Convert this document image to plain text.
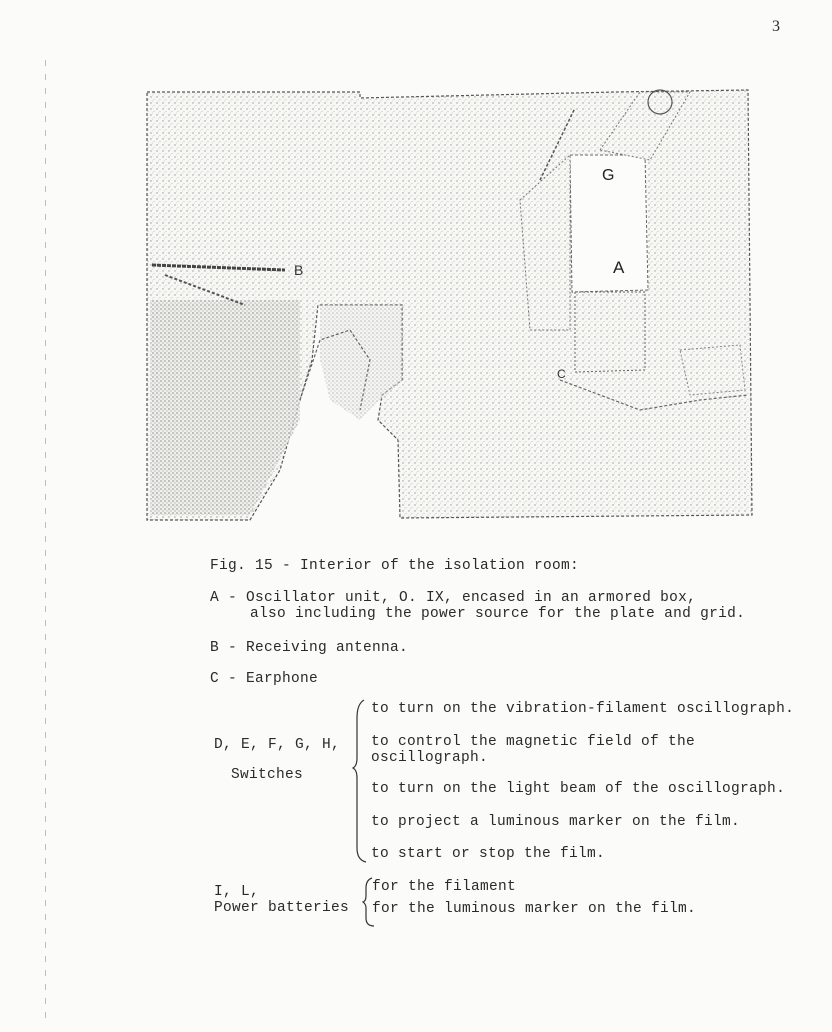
3
B	A
G
C
Fig. 15 - Interior of the isolation room:
A - Oscillator unit, O. IX, encased in an armored box,
also including the power source for the plate and grid.
B - Receiving antenna.
C - Earphone
D, E, F, G, H,
Switches
to turn on the vibration-filament oscillograph.
to control the magnetic field of the
oscillograph.
to turn on the light beam of the oscillograph.
to project a luminous marker on the film.
to start or stop the film.
I, L,
Power batteries
for the filament
for the luminous marker on the film.
